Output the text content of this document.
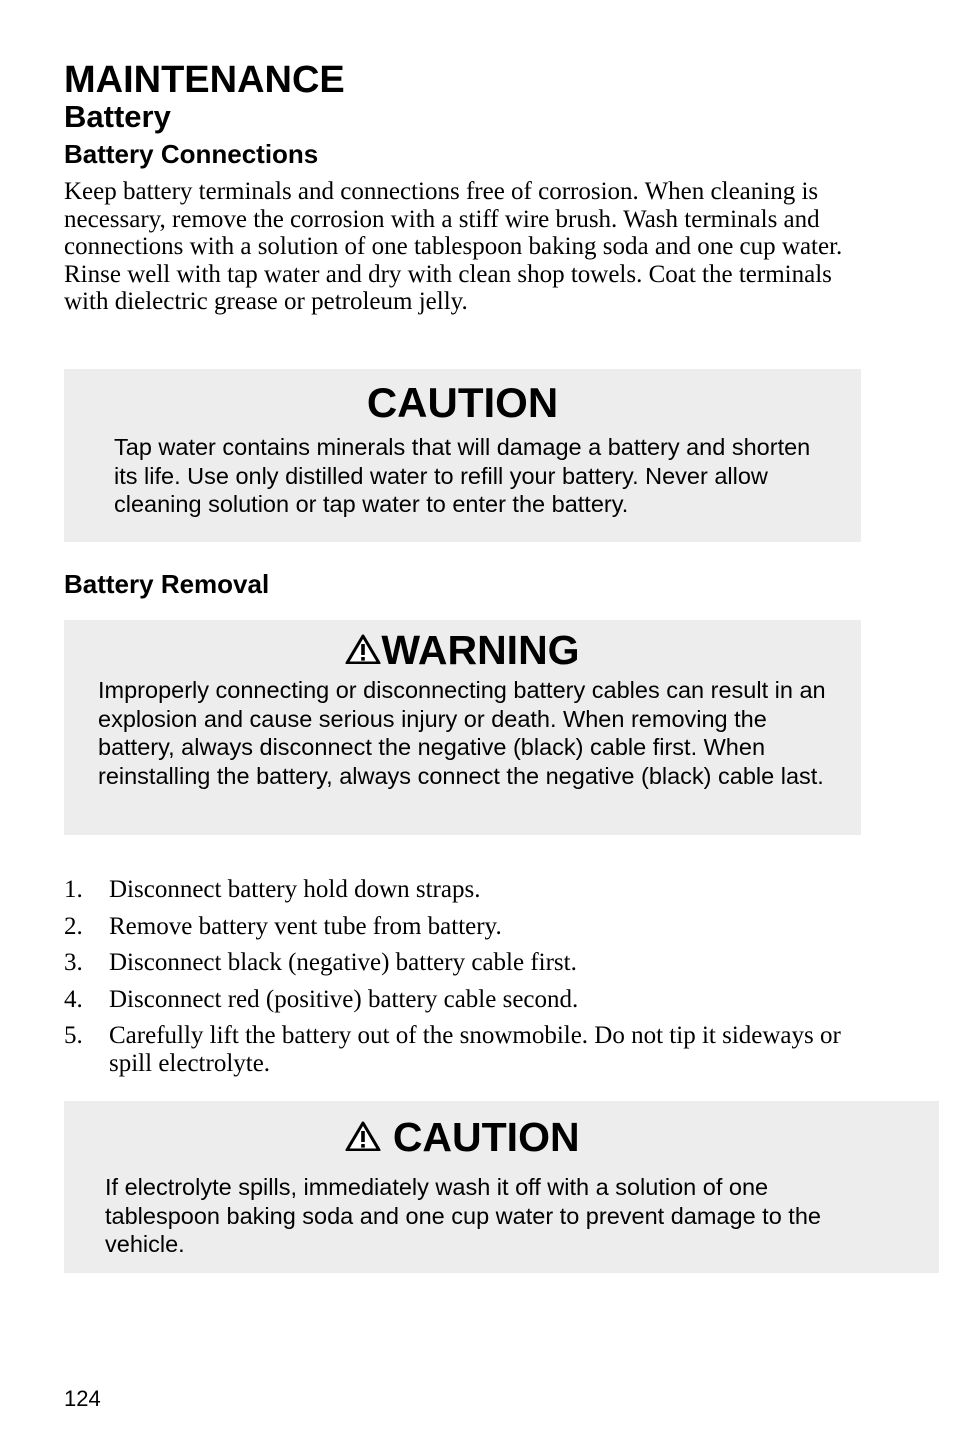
MAINTENANCE
Battery
Battery Connections

Keep battery terminals and connections free of corrosion. When cleaning is necessary, remove the corrosion with a stiff wire brush. Wash terminals and connections with a solution of one tablespoon baking soda and one cup water. Rinse well with tap water and dry with clean shop towels. Coat the terminals with dielectric grease or petroleum jelly.

CAUTION

Tap water contains minerals that will damage a battery and shorten its life. Use only distilled water to refill your battery. Never allow cleaning solution or tap water to enter the battery.

Battery Removal

WARNING

Improperly connecting or disconnecting battery cables can result in an explosion and cause serious injury or death. When removing the battery, always disconnect the negative (black) cable first. When reinstalling the battery, always connect the negative (black) cable last.

1. Disconnect battery hold down straps.
2. Remove battery vent tube from battery.
3. Disconnect black (negative) battery cable first.
4. Disconnect red (positive) battery cable second.
5. Carefully lift the battery out of the snowmobile. Do not tip it sideways or spill electrolyte.

CAUTION

If electrolyte spills, immediately wash it off with a solution of one tablespoon baking soda and one cup water to prevent damage to the vehicle.

124
